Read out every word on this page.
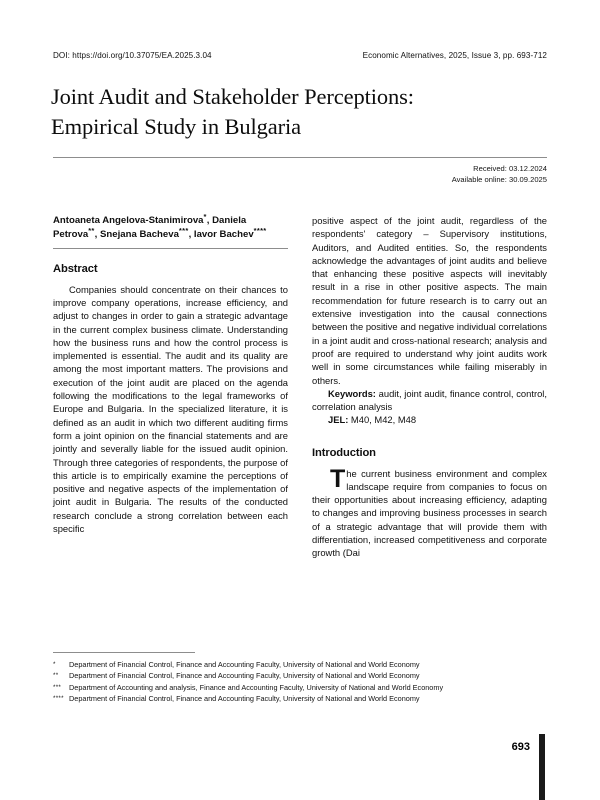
DOI: https://doi.org/10.37075/EA.2025.3.04	Economic Alternatives, 2025, Issue 3, pp. 693-712
Joint Audit and Stakeholder Perceptions:
Empirical Study in Bulgaria
Received: 03.12.2024
Available online: 30.09.2025
Antoaneta Angelova-Stanimirova*, Daniela Petrova**, Snejana Bacheva***, Iavor Bachev****
Abstract

Companies should concentrate on their chances to improve company operations, increase efficiency, and adjust to changes in order to gain a strategic advantage in the current complex business climate. Understanding how the business runs and how the control process is implemented is essential. The audit and its quality are among the most important matters. The provisions and execution of the joint audit are placed on the agenda following the modifications to the legal frameworks of Europe and Bulgaria. In the specialized literature, it is defined as an audit in which two different auditing firms form a joint opinion on the financial statements and are jointly and severally liable for the issued audit opinion. Through three categories of respondents, the purpose of this article is to empirically examine the perceptions of positive and negative aspects of the implementation of joint audit in Bulgaria. The results of the conducted research conclude a strong correlation between each specific

positive aspect of the joint audit, regardless of the respondents' category – Supervisory institutions, Auditors, and Audited entities. So, the respondents acknowledge the advantages of joint audits and believe that enhancing these positive aspects will inevitably result in a rise in other positive aspects. The main recommendation for future research is to carry out an extensive investigation into the causal connections between the positive and negative individual correlations in a joint audit and cross-national research; analysis and proof are required to understand why joint audits work well in some circumstances while failing miserably in others.

Keywords: audit, joint audit, finance control, control, correlation analysis

JEL: M40, M42, M48

Introduction

The current business environment and complex landscape require from companies to focus on their opportunities about increasing efficiency, adapting to changes and improving business processes in search of a strategic advantage that will provide them with differentiation, increased competitiveness and corporate growth (Dai

*	Department of Financial Control, Finance and Accounting Faculty, University of National and World Economy
**	Department of Financial Control, Finance and Accounting Faculty, University of National and World Economy
***	Department of Accounting and analysis, Finance and Accounting Faculty, University of National and World Economy
**** Department of Financial Control, Finance and Accounting Faculty, University of National and World Economy
693
